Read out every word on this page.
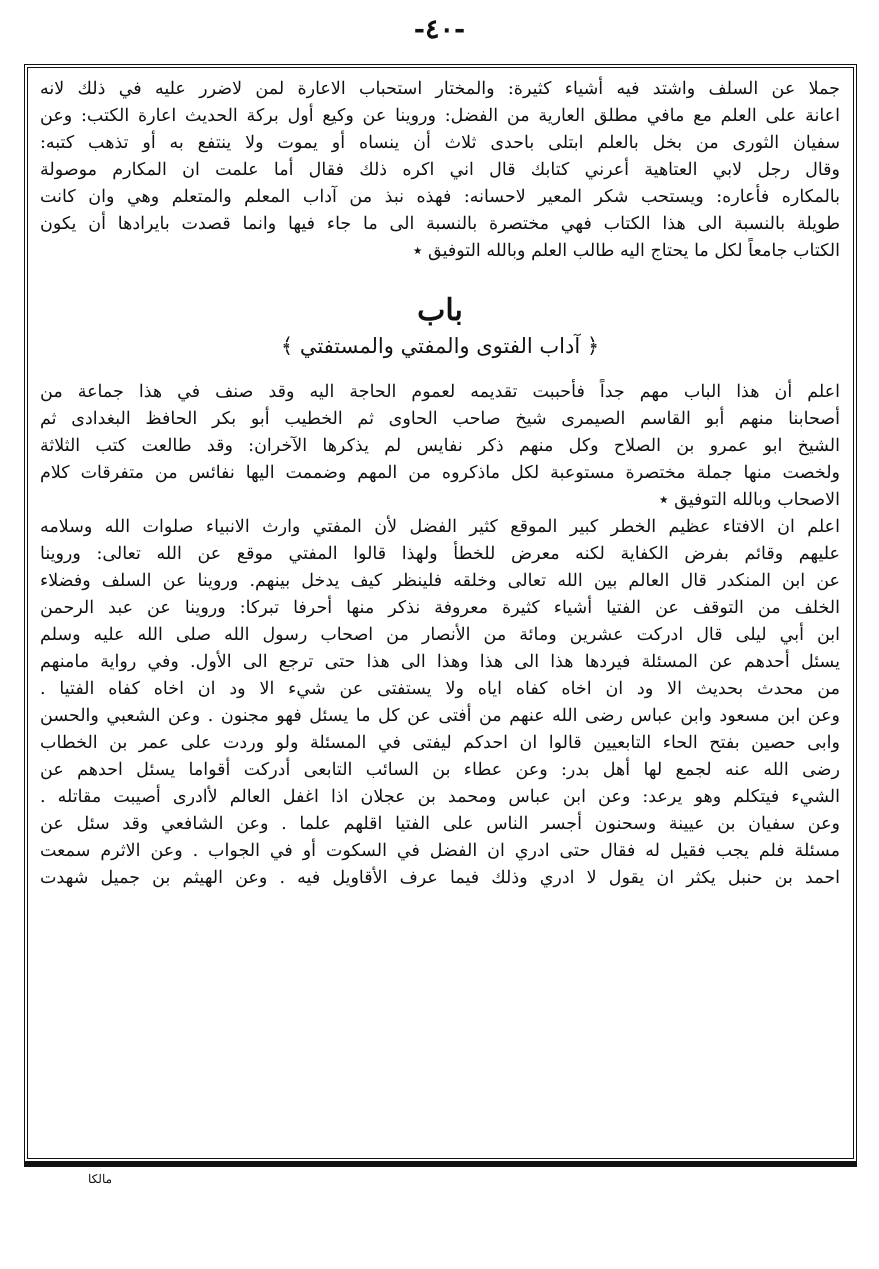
-٤٠-
جملا عن السلف واشتد فيه أشياء كثيرة: والمختار استحباب الاعارة لمن لاضرر عليه في ذلك لانه
اعانة على العلم مع مافي مطلق العارية من الفضل: وروينا عن وكيع أول بركة الحديث اعارة الكتب: وعن
سفيان الثورى من بخل بالعلم ابتلى باحدى ثلاث أن ينساه أو يموت ولا ينتفع به أو تذهب كتبه:
وقال رجل لابي العتاهية أعرني كتابك قال اني اكره ذلك فقال أما علمت ان المكارم موصولة
بالمكاره فأعاره: ويستحب شكر المعير لاحسانه: فهذه نبذ من آداب المعلم والمتعلم وهي وان كانت
طويلة بالنسبة الى هذا الكتاب فهي مختصرة بالنسبة الى ما جاء فيها وانما قصدت بايرادها أن يكون
الكتاب جامعاً لكل ما يحتاج اليه طالب العلم وبالله التوفيق ٭
باب
﴿ آداب الفتوى والمفتي والمستفتي ﴾
اعلم أن هذا الباب مهم جداً فأحببت تقديمه لعموم الحاجة اليه وقد صنف في هذا جماعة من
أصحابنا منهم أبو القاسم الصيمرى شيخ صاحب الحاوى ثم الخطيب أبو بكر الحافظ البغدادى ثم
الشيخ ابو عمرو بن الصلاح وكل منهم ذكر نفايس لم يذكرها الآخران: وقد طالعت كتب الثلاثة
ولخصت منها جملة مختصرة مستوعبة لكل ماذكروه من المهم وضممت اليها نفائس من متفرقات كلام
الاصحاب وبالله التوفيق ٭
اعلم ان الافتاء عظيم الخطر كبير الموقع كثير الفضل لأن المفتي وارث الانبياء صلوات الله وسلامه
عليهم وقائم بفرض الكفاية لكنه معرض للخطأ ولهذا قالوا المفتي موقع عن الله تعالى: وروينا
عن ابن المنكدر قال العالم بين الله تعالى وخلقه فلينظر كيف يدخل بينهم. وروينا عن السلف وفضلاء
الخلف من التوقف عن الفتيا أشياء كثيرة معروفة نذكر منها أحرفا تبركا: وروينا عن عبد الرحمن
ابن أبي ليلى قال ادركت عشرين ومائة من الأنصار من اصحاب رسول الله صلى الله عليه وسلم
يسئل أحدهم عن المسئلة فيردها هذا الى هذا وهذا الى هذا حتى ترجع الى الأول. وفي رواية مامنهم
من محدث بحديث الا ود ان اخاه كفاه اياه ولا يستفتى عن شيء الا ود ان اخاه كفاه الفتيا .
وعن ابن مسعود وابن عباس رضى الله عنهم من أفتى عن كل ما يسئل فهو مجنون . وعن الشعبي والحسن
وابى حصين بفتح الحاء التابعيين قالوا ان احدكم ليفتى في المسئلة ولو وردت على عمر بن الخطاب
رضى الله عنه لجمع لها أهل بدر: وعن عطاء بن السائب التابعى أدركت أقواما يسئل احدهم عن
الشيء فيتكلم وهو يرعد: وعن ابن عباس ومحمد بن عجلان اذا اغفل العالم لأادرى أصيبت مقاتله .
وعن سفيان بن عيينة وسحنون أجسر الناس على الفتيا اقلهم علما . وعن الشافعي وقد سئل عن
مسئلة فلم يجب فقيل له فقال حتى ادري ان الفضل في السكوت أو في الجواب . وعن الاثرم سمعت
احمد بن حنبل يكثر ان يقول لا ادري وذلك فيما عرف الأقاويل فيه . وعن الهيثم بن جميل شهدت
مالكا
